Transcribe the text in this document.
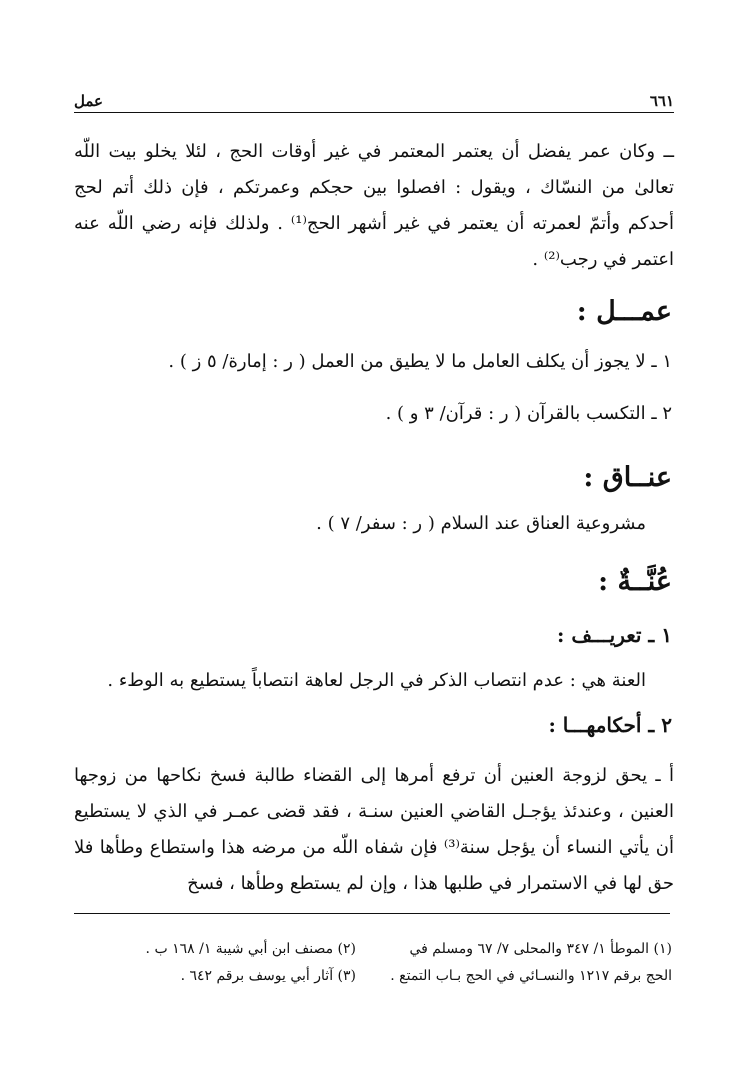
٦٦١
عمل

ــ وكان عمر يفضل أن يعتمر المعتمر في غير أوقات الحج ، لئلا يخلو بيت اللّه تعالىٰ من النسّاك ، ويقول : افصلوا بين حجكم وعمرتكم ، فإن ذلك أتم لحج أحدكم وأتمّ لعمرته أن يعتمر في غير أشهر الحج⁽¹⁾ . ولذلك فإنه رضي اللّه عنه اعتمر في رجب⁽²⁾ .

عمـــل :

١ ـ لا يجوز أن يكلف العامل ما لا يطيق من العمل ( ر : إمارة/ ٥ ز ) .

٢ ـ التكسب بالقرآن ( ر : قرآن/ ٣ و ) .

عنــاق :

مشروعية العناق عند السلام ( ر : سفر/ ٧ ) .

عُنَّــةٌ :
١ ـ تعريـــف :

العنة هي : عدم انتصاب الذكر في الرجل لعاهة انتصاباً يستطيع به الوطء .

٢ ـ أحكامهـــا :

أ ـ يحق لزوجة العنين أن ترفع أمرها إلى القضاء طالبة فسخ نكاحها من زوجها العنين ، وعندئذ يؤجـل القاضي العنين سنـة ، فقد قضى عمـر في الذي لا يستطيع أن يأتي النساء أن يؤجل سنة⁽³⁾ فإن شفاه اللّه من مرضه هذا واستطاع وطأها فلا حق لها في الاستمرار في طلبها هذا ، وإن لم يستطع وطأها ، فسخ

(١) الموطأ ١/ ٣٤٧ والمحلى ٧/ ٦٧ ومسلم في الحج برقم ١٢١٧ والنسـائي في الحج بـاب التمتع .

(٢) مصنف ابن أبي شيبة ١/ ١٦٨ ب .

(٣) آثار أبي يوسف برقم ٦٤٢ .
